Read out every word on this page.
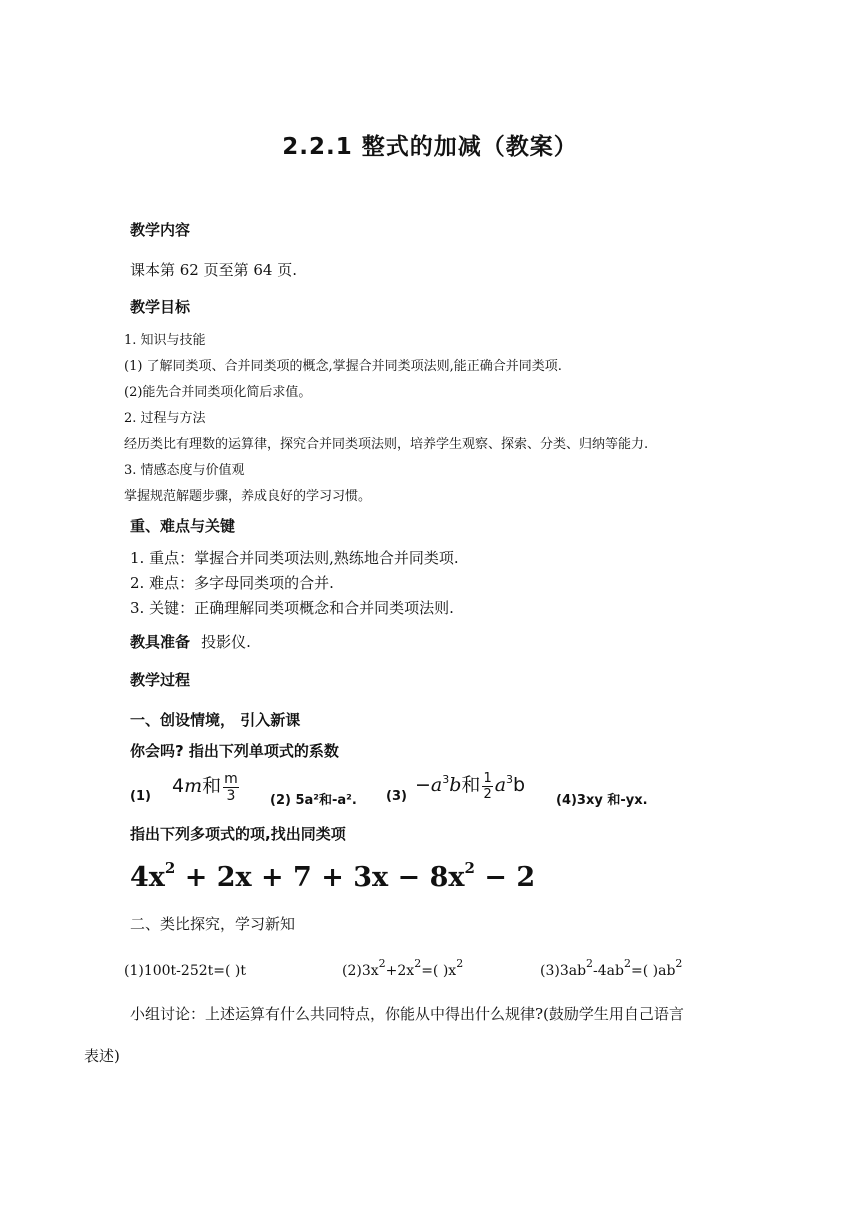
2.2.1 整式的加减（教案）
教学内容
课本第 62 页至第 64 页.
教学目标
1. 知识与技能
(1) 了解同类项、合并同类项的概念,掌握合并同类项法则,能正确合并同类项.
(2)能先合并同类项化简后求值。
2. 过程与方法
经历类比有理数的运算律，探究合并同类项法则，培养学生观察、探索、分类、归纳等能力.
3. 情感态度与价值观
掌握规范解题步骤，养成良好的学习习惯。
重、难点与关键
1. 重点：掌握合并同类项法则,熟练地合并同类项.
2. 难点：多字母同类项的合并.
3. 关键：正确理解同类项概念和合并同类项法则.
教具准备 投影仪.
教学过程
一、创设情境， 引入新课
你会吗? 指出下列单项式的系数
(1) 4m和 $\frac{m}{3} (2)$ 5a²和-a². (3)
$-a^3b$和 $\frac{1}{2} a^3b$
(4)3xy 和-yx.
指出下列多项式的项,找出同类项
$4x^2 + 2x + 7 + 3x - 8x^2 - 2$
二、类比探究，学习新知
(1)100t-252t=( )t	$(2)3x^2+2x^2=$( )$x^2$	$(3)3ab^2-4ab^2=$( )$ab^2$
小组讨论：上述运算有什么共同特点，你能从中得出什么规律?(鼓励学生用自己语言
表述)
